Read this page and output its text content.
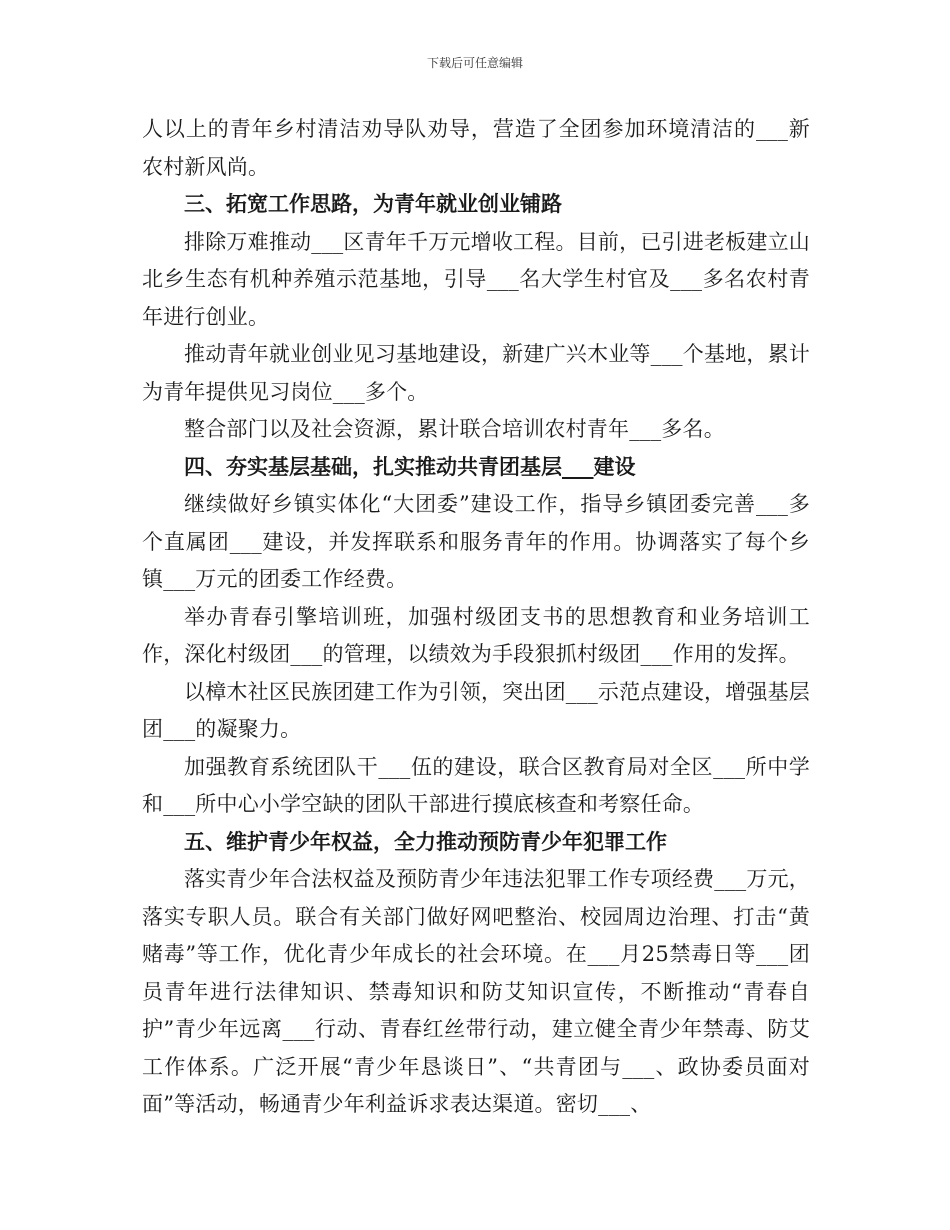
下载后可任意编辑

人以上的青年乡村清洁劝导队劝导，营造了全团参加环境清洁的___新农村新风尚。

三、拓宽工作思路，为青年就业创业铺路

排除万难推动___区青年千万元增收工程。目前，已引进老板建立山北乡生态有机种养殖示范基地，引导___名大学生村官及___多名农村青年进行创业。

推动青年就业创业见习基地建设，新建广兴木业等___个基地，累计为青年提供见习岗位___多个。

整合部门以及社会资源，累计联合培训农村青年___多名。

四、夯实基层基础，扎实推动共青团基层___建设

继续做好乡镇实体化“大团委”建设工作，指导乡镇团委完善___多个直属团___建设，并发挥联系和服务青年的作用。协调落实了每个乡镇___万元的团委工作经费。

举办青春引擎培训班，加强村级团支书的思想教育和业务培训工作，深化村级团___的管理，以绩效为手段狠抓村级团___作用的发挥。

以樟木社区民族团建工作为引领，突出团___示范点建设，增强基层团___的凝聚力。

加强教育系统团队干___伍的建设，联合区教育局对全区___所中学和___所中心小学空缺的团队干部进行摸底核查和考察任命。

五、维护青少年权益，全力推动预防青少年犯罪工作

落实青少年合法权益及预防青少年违法犯罪工作专项经费___万元，落实专职人员。联合有关部门做好网吧整治、校园周边治理、打击“黄赌毒”等工作，优化青少年成长的社会环境。在___月25禁毒日等___团员青年进行法律知识、禁毒知识和防艾知识宣传，不断推动“青春自护”青少年远离___行动、青春红丝带行动，建立健全青少年禁毒、防艾工作体系。广泛开展“青少年恳谈日”、“共青团与___、政协委员面对面”等活动，畅通青少年利益诉求表达渠道。密切___、
